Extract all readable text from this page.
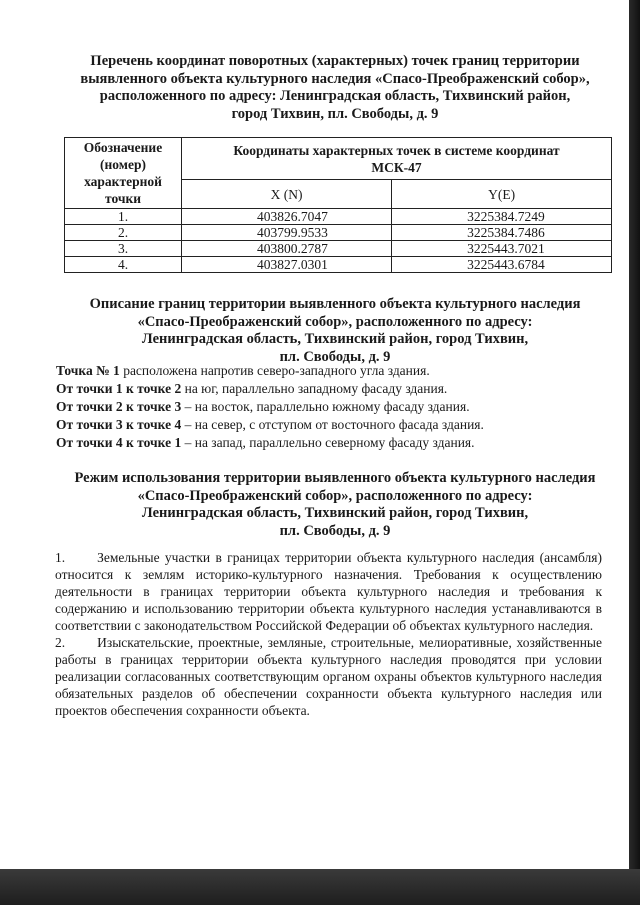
Перечень координат поворотных (характерных) точек границ территории
выявленного объекта культурного наследия «Спасо-Преображенский собор»,
расположенного по адресу: Ленинградская область, Тихвинский район,
город Тихвин, пл. Свободы, д. 9
Обозначение
(номер)
характерной
точки	Координаты характерных точек в системе координат
МСК-47	

	X (N)	Y(E)
1.	403826.7047	3225384.7249
2.	403799.9533	3225384.7486
3.	403800.2787	3225443.7021
4.	403827.0301	3225443.6784
Описание границ территории выявленного объекта культурного наследия
«Спасо-Преображенский собор», расположенного по адресу:
Ленинградская область, Тихвинский район, город Тихвин,
пл. Свободы, д. 9
Точка № 1 расположена напротив северо-западного угла здания.
От точки 1 к точке 2 на юг, параллельно западному фасаду здания.
От точки 2 к точке 3 – на восток, параллельно южному фасаду здания.
От точки 3 к точке 4 – на север, с отступом от восточного фасада здания.
От точки 4 к точке 1 – на запад, параллельно северному фасаду здания.
Режим использования территории выявленного объекта культурного наследия
«Спасо-Преображенский собор», расположенного по адресу:
Ленинградская область, Тихвинский район, город Тихвин,
пл. Свободы, д. 9

1. Земельные участки в границах территории объекта культурного наследия (ансамбля) относится к землям историко-культурного назначения. Требования к осуществлению деятельности в границах территории объекта культурного наследия и требования к содержанию и использованию территории объекта культурного наследия устанавливаются в соответствии с законодательством Российской Федерации об объектах культурного наследия.

2. Изыскательские, проектные, земляные, строительные, мелиоративные, хозяйственные работы в границах территории объекта культурного наследия проводятся при условии реализации согласованных соответствующим органом охраны объектов культурного наследия обязательных разделов об обеспечении сохранности объекта культурного наследия или проектов обеспечения сохранности объекта.
